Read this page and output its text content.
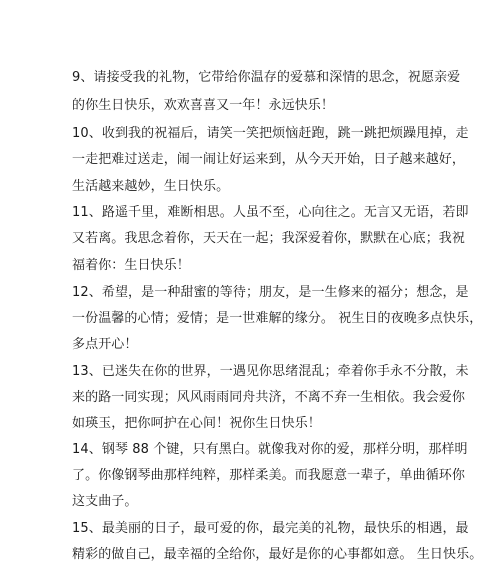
9、请接受我的礼物，它带给你温存的爱慕和深情的思念，祝愿亲爱
的你生日快乐，欢欢喜喜又一年！永远快乐！
10、收到我的祝福后，请笑一笑把烦恼赶跑，跳一跳把烦躁甩掉，走
一走把难过送走，闹一闹让好运来到，从今天开始，日子越来越好，
生活越来越妙，生日快乐。
11、路遥千里，难断相思。人虽不至，心向往之。无言又无语，若即
又若离。我思念着你，天天在一起；我深爱着你，默默在心底；我祝
福着你：生日快乐！
12、希望，是一种甜蜜的等待；朋友，是一生修来的福分；想念，是
一份温馨的心情；爱情；是一世难解的缘分。 祝生日的夜晚多点快乐，
多点开心！
13、已迷失在你的世界，一遇见你思绪混乱；牵着你手永不分散，未
来的路一同实现；风风雨雨同舟共济，不离不弃一生相依。我会爱你
如瑛玉，把你呵护在心间！祝你生日快乐！
14、钢琴 88 个键，只有黑白。就像我对你的爱，那样分明，那样明
了。你像钢琴曲那样纯粹，那样柔美。而我愿意一辈子，单曲循环你
这支曲子。
15、最美丽的日子，最可爱的你，最完美的礼物，最快乐的相遇，最
精彩的做自己，最幸福的全给你，最好是你的心事都如意。 生日快乐。
